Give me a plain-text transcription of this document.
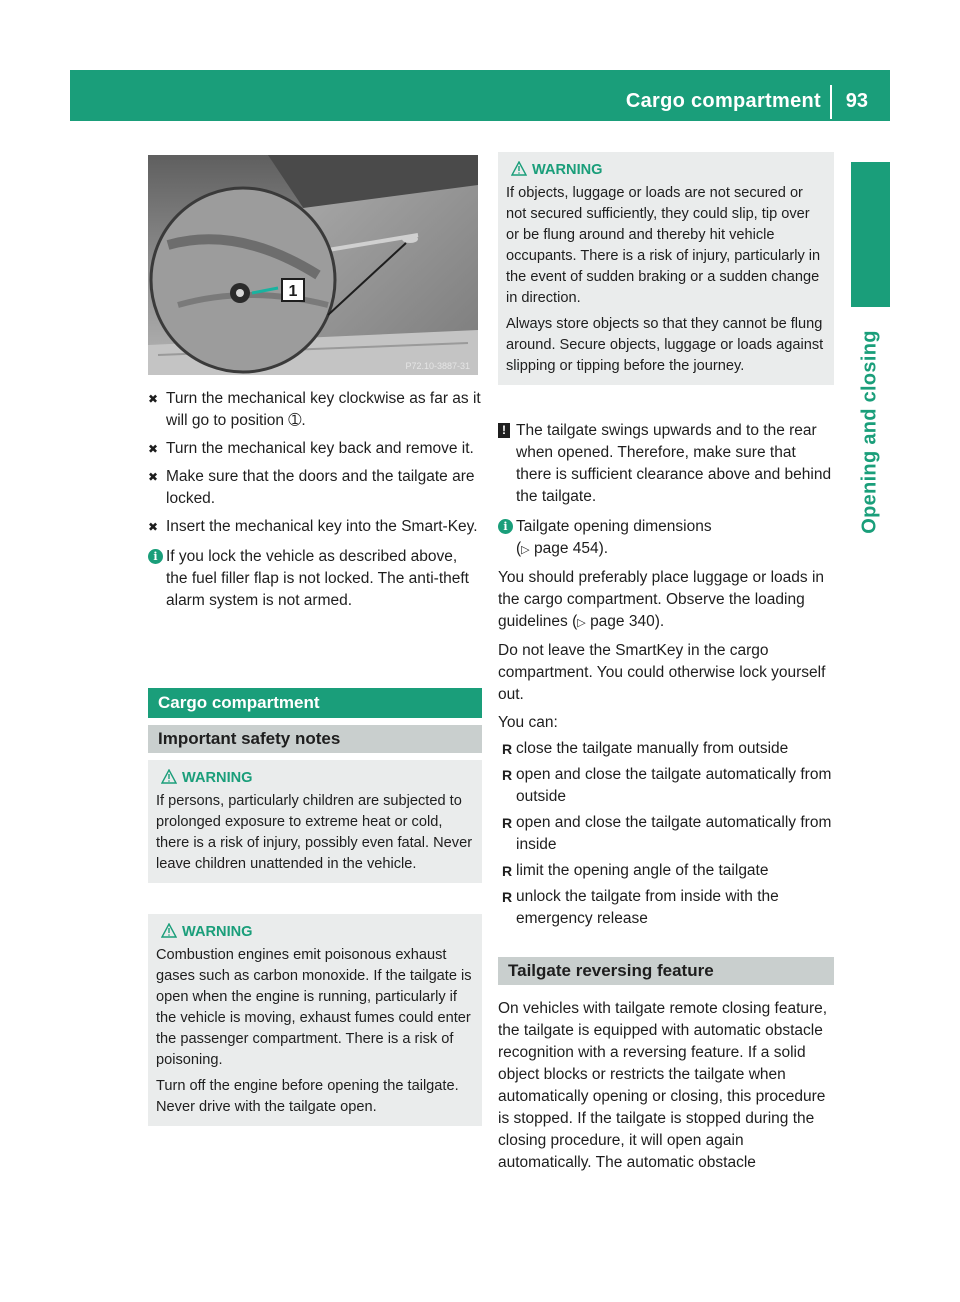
Cargo compartment 93
Opening and closing
1
P72.10-3887-31
✖ Turn the mechanical key clockwise as far as it will go to position ➀.
✖ Turn the mechanical key back and remove it.
✖ Make sure that the doors and the tailgate are locked.
✖ Insert the mechanical key into the Smart-Key.
i If you lock the vehicle as described above, the fuel filler flap is not locked. The anti-theft alarm system is not armed.
Cargo compartment
Important safety notes
WARNING

If persons, particularly children are subjected to prolonged exposure to extreme heat or cold, there is a risk of injury, possibly even fatal. Never leave children unattended in the vehicle.

WARNING

Combustion engines emit poisonous exhaust gases such as carbon monoxide. If the tailgate is open when the engine is running, particularly if the vehicle is moving, exhaust fumes could enter the passenger compartment. There is a risk of poisoning.

Turn off the engine before opening the tailgate. Never drive with the tailgate open.

WARNING

If objects, luggage or loads are not secured or not secured sufficiently, they could slip, tip over or be flung around and thereby hit vehicle occupants. There is a risk of injury, particularly in the event of sudden braking or a sudden change in direction.

Always store objects so that they cannot be flung around. Secure objects, luggage or loads against slipping or tipping before the journey.

! The tailgate swings upwards and to the rear when opened. Therefore, make sure that there is sufficient clearance above and behind the tailgate.
i Tailgate opening dimensions
(▷ page 454).

You should preferably place luggage or loads in the cargo compartment. Observe the loading guidelines (▷ page 340).

Do not leave the SmartKey in the cargo compartment. You could otherwise lock yourself out.

You can:

R close the tailgate manually from outside
R open and close the tailgate automatically from outside
R open and close the tailgate automatically from inside
R limit the opening angle of the tailgate
R unlock the tailgate from inside with the emergency release
Tailgate reversing feature

On vehicles with tailgate remote closing feature, the tailgate is equipped with automatic obstacle recognition with a reversing feature. If a solid object blocks or restricts the tailgate when automatically opening or closing, this procedure is stopped. If the tailgate is stopped during the closing procedure, it will open again automatically. The automatic obstacle
